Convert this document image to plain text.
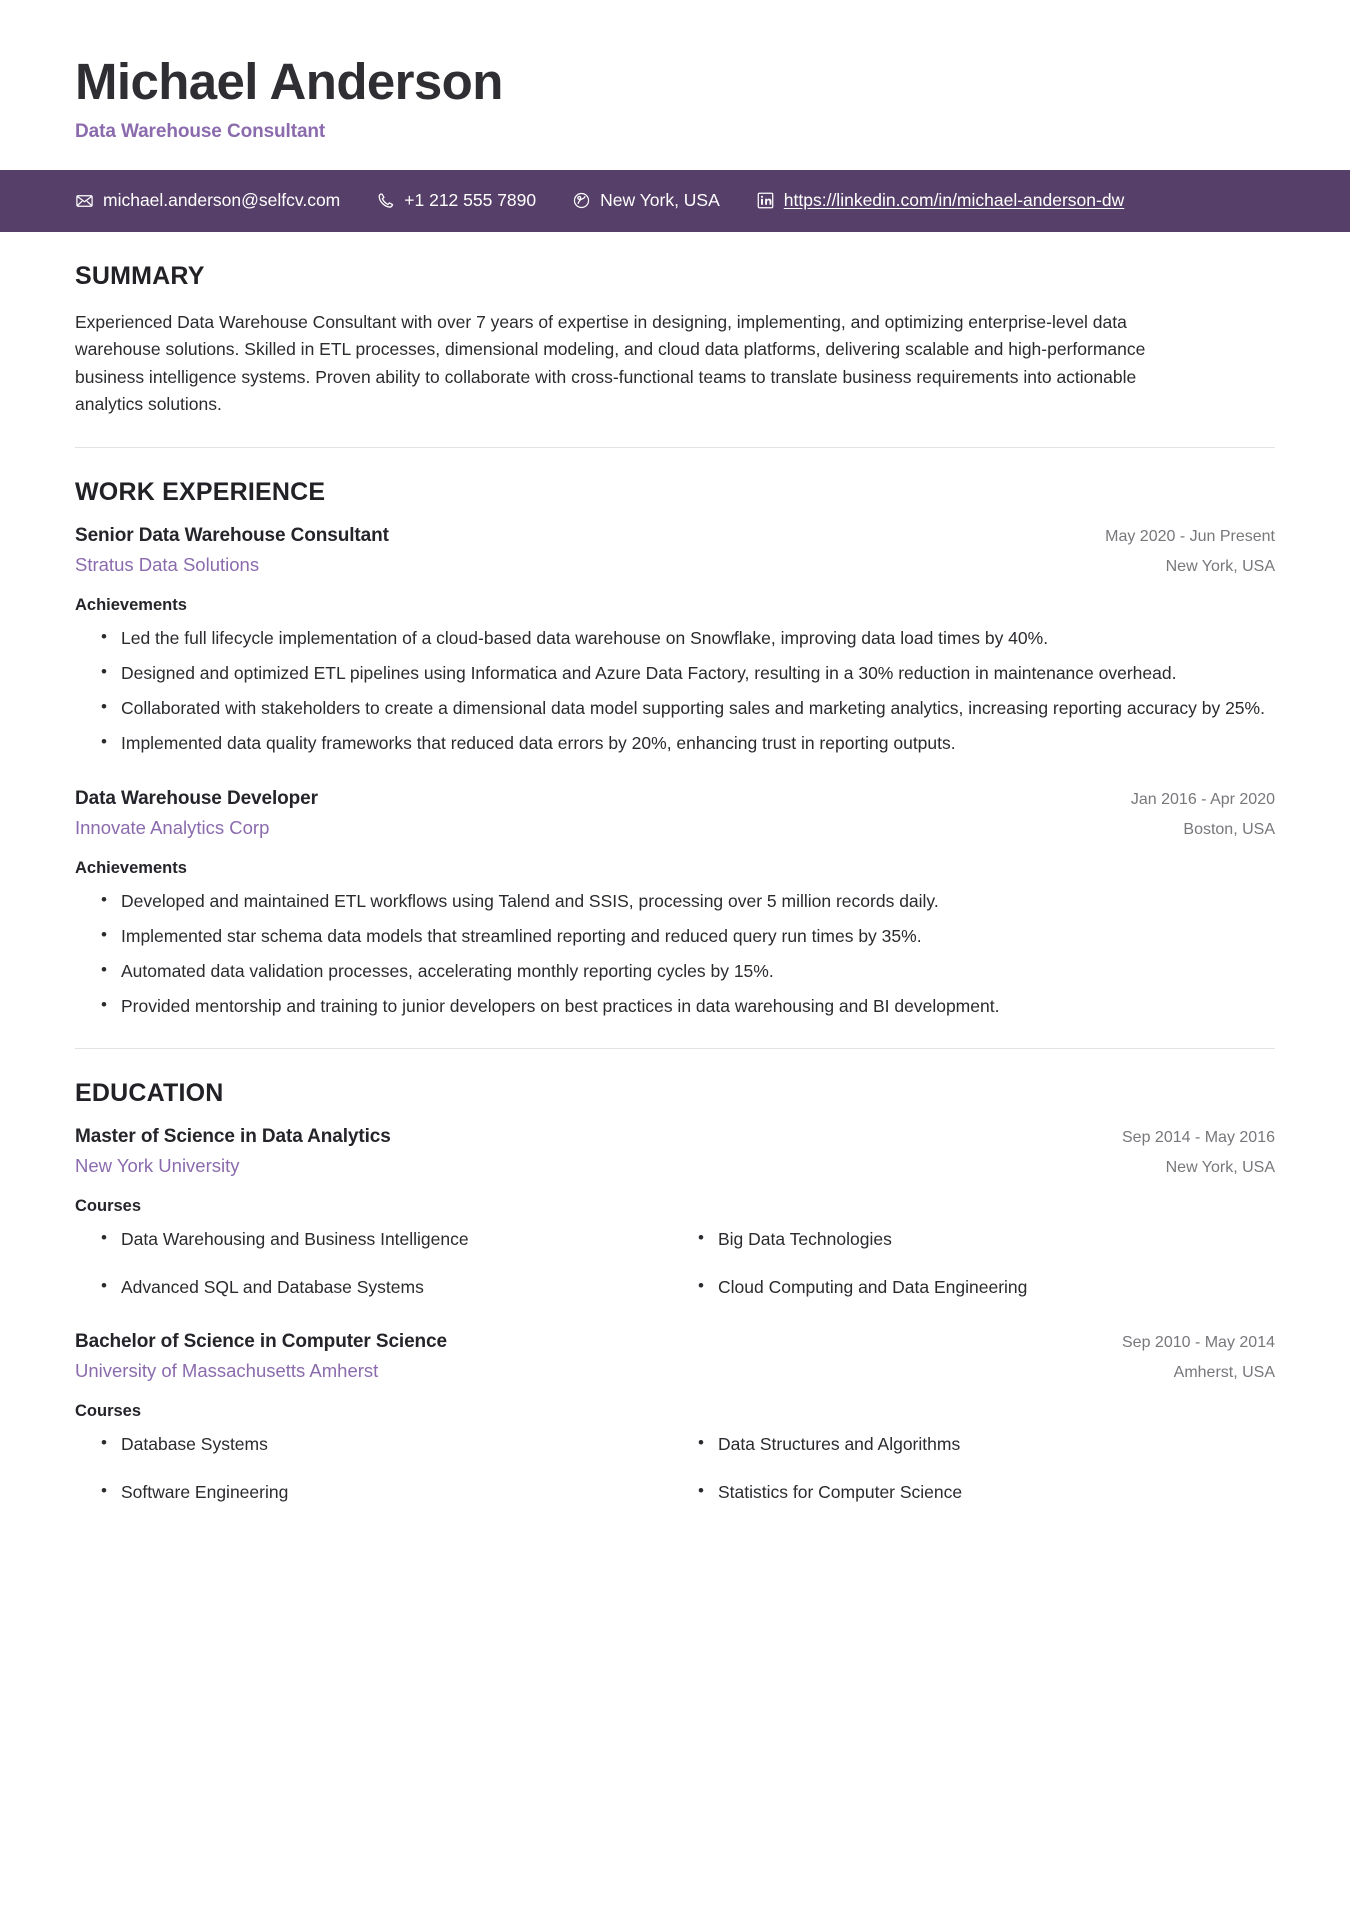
Michael Anderson
Data Warehouse Consultant
michael.anderson@selfcv.com	+1 212 555 7890	New York, USA	https://linkedin.com/in/michael-anderson-dw
SUMMARY
Experienced Data Warehouse Consultant with over 7 years of expertise in designing, implementing, and optimizing enterprise-level data warehouse solutions. Skilled in ETL processes, dimensional modeling, and cloud data platforms, delivering scalable and high-performance business intelligence systems. Proven ability to collaborate with cross-functional teams to translate business requirements into actionable analytics solutions.
WORK EXPERIENCE
Senior Data Warehouse Consultant	May 2020 - Jun Present
Stratus Data Solutions	New York, USA
Achievements
• Led the full lifecycle implementation of a cloud-based data warehouse on Snowflake, improving data load times by 40%.
• Designed and optimized ETL pipelines using Informatica and Azure Data Factory, resulting in a 30% reduction in maintenance overhead.
• Collaborated with stakeholders to create a dimensional data model supporting sales and marketing analytics, increasing reporting accuracy by 25%.
• Implemented data quality frameworks that reduced data errors by 20%, enhancing trust in reporting outputs.
Data Warehouse Developer	Jan 2016 - Apr 2020
Innovate Analytics Corp	Boston, USA
Achievements
• Developed and maintained ETL workflows using Talend and SSIS, processing over 5 million records daily.
• Implemented star schema data models that streamlined reporting and reduced query run times by 35%.
• Automated data validation processes, accelerating monthly reporting cycles by 15%.
• Provided mentorship and training to junior developers on best practices in data warehousing and BI development.
EDUCATION
Master of Science in Data Analytics	Sep 2014 - May 2016
New York University	New York, USA
Courses
• Data Warehousing and Business Intelligence	• Big Data Technologies
• Advanced SQL and Database Systems	• Cloud Computing and Data Engineering
Bachelor of Science in Computer Science	Sep 2010 - May 2014
University of Massachusetts Amherst	Amherst, USA
Courses
• Database Systems	• Data Structures and Algorithms
• Software Engineering	• Statistics for Computer Science
